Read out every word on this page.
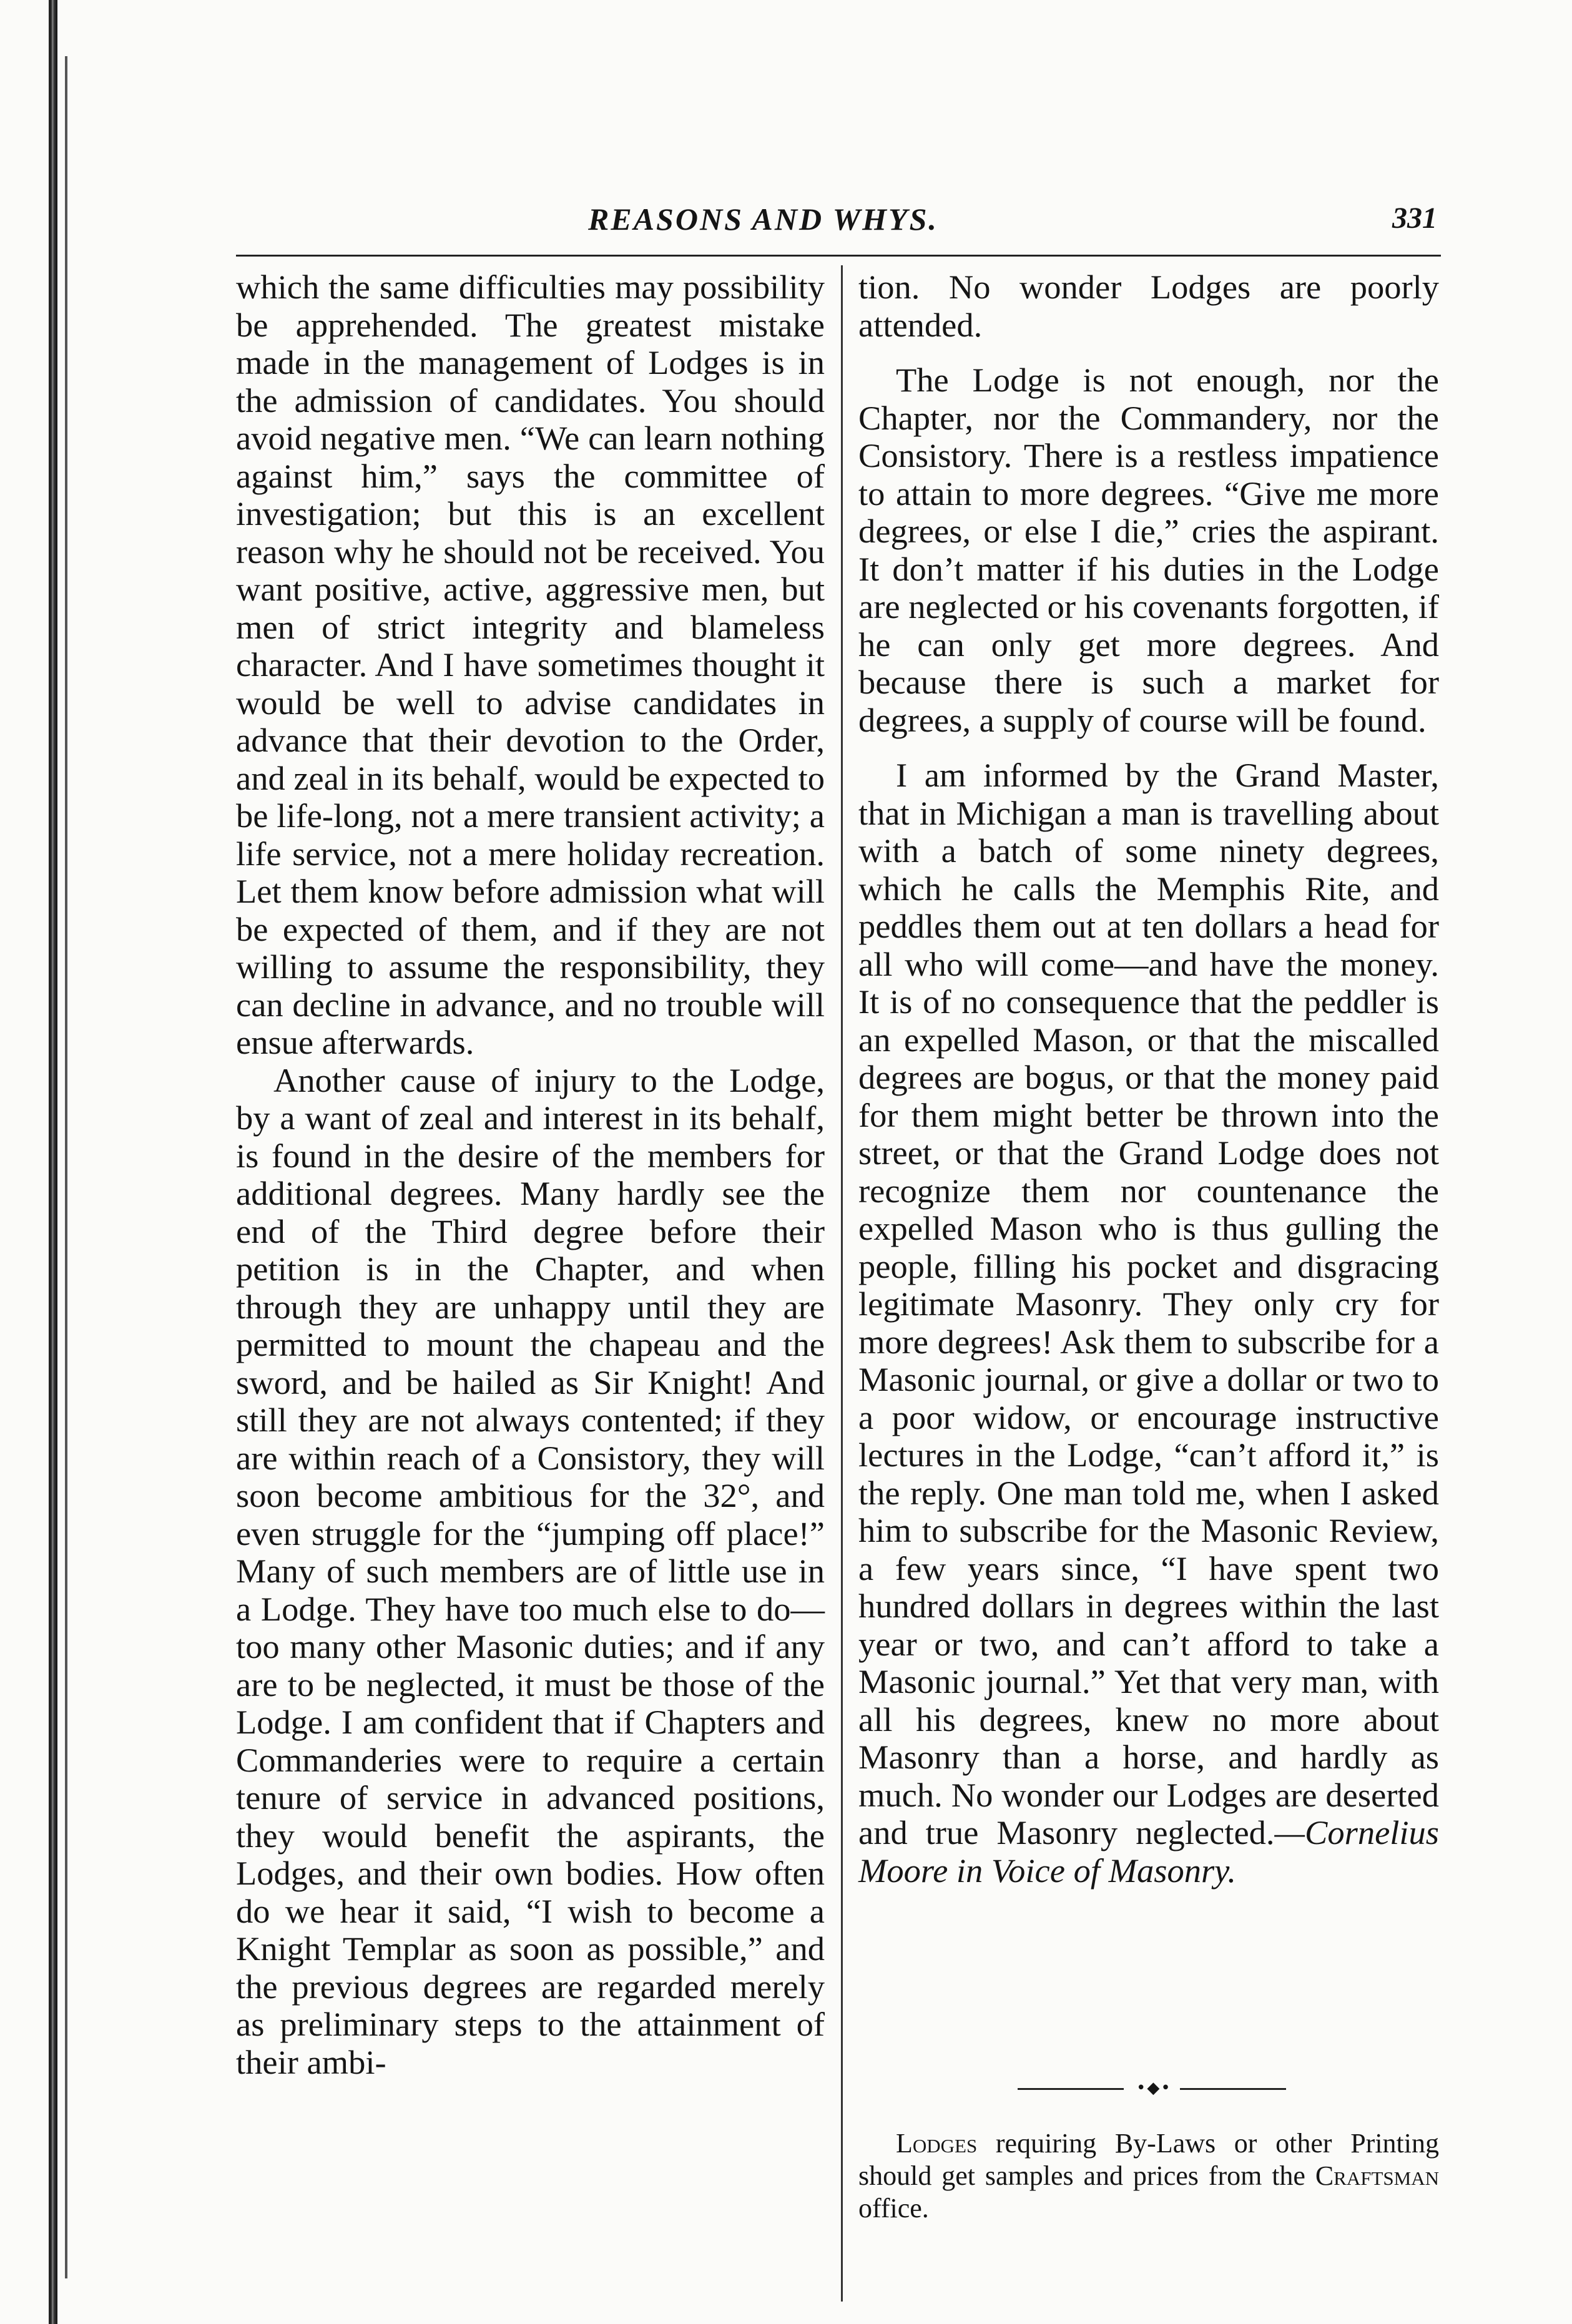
REASONS AND WHYS.	331

which the same difficulties may possibility be apprehended. The greatest mistake made in the management of Lodges is in the admission of candidates. You should avoid negative men. “We can learn nothing against him,” says the committee of investigation; but this is an excellent reason why he should not be received. You want positive, active, aggressive men, but men of strict integrity and blameless character. And I have sometimes thought it would be well to advise candidates in advance that their devotion to the Order, and zeal in its behalf, would be expected to be life-long, not a mere transient activity; a life service, not a mere holiday recreation. Let them know before admission what will be expected of them, and if they are not willing to assume the responsibility, they can decline in advance, and no trouble will ensue afterwards.

Another cause of injury to the Lodge, by a want of zeal and interest in its behalf, is found in the desire of the members for additional degrees. Many hardly see the end of the Third degree before their petition is in the Chapter, and when through they are unhappy until they are permitted to mount the chapeau and the sword, and be hailed as Sir Knight! And still they are not always contented; if they are within reach of a Consistory, they will soon become ambitious for the 32°, and even struggle for the “jumping off place!” Many of such members are of little use in a Lodge. They have too much else to do—too many other Masonic duties; and if any are to be neglected, it must be those of the Lodge. I am confident that if Chapters and Commanderies were to require a certain tenure of service in advanced positions, they would benefit the aspirants, the Lodges, and their own bodies. How often do we hear it said, “I wish to become a Knight Templar as soon as possible,” and the previous degrees are regarded merely as preliminary steps to the attainment of their ambi-

tion. No wonder Lodges are poorly attended.

The Lodge is not enough, nor the Chapter, nor the Commandery, nor the Consistory. There is a restless impatience to attain to more degrees. “Give me more degrees, or else I die,” cries the aspirant. It don’t matter if his duties in the Lodge are neglected or his covenants forgotten, if he can only get more degrees. And because there is such a market for degrees, a supply of course will be found.

I am informed by the Grand Master, that in Michigan a man is travelling about with a batch of some ninety degrees, which he calls the Memphis Rite, and peddles them out at ten dollars a head for all who will come—and have the money. It is of no consequence that the peddler is an expelled Mason, or that the miscalled degrees are bogus, or that the money paid for them might better be thrown into the street, or that the Grand Lodge does not recognize them nor countenance the expelled Mason who is thus gulling the people, filling his pocket and disgracing legitimate Masonry. They only cry for more degrees! Ask them to subscribe for a Masonic journal, or give a dollar or two to a poor widow, or encourage instructive lectures in the Lodge, “can’t afford it,” is the reply. One man told me, when I asked him to subscribe for the Masonic Review, a few years since, “I have spent two hundred dollars in degrees within the last year or two, and can’t afford to take a Masonic journal.” Yet that very man, with all his degrees, knew no more about Masonry than a horse, and hardly as much. No wonder our Lodges are deserted and true Masonry neglected.—Cornelius Moore in Voice of Masonry.

•◆•
Lodges requiring By-Laws or other Printing should get samples and prices from the Craftsman office.
